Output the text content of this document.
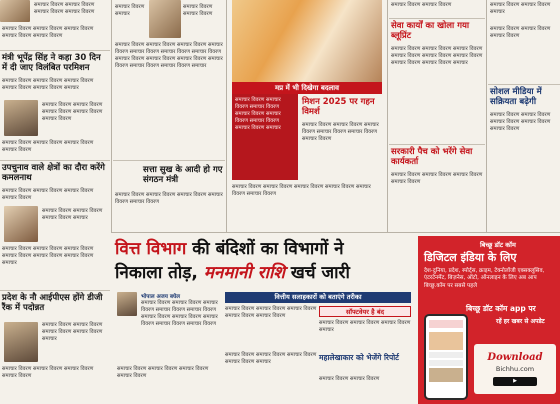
समाचार विवरण समाचार विवरण समाचार विवरण समाचार विवरण
समाचार विवरण समाचार विवरण समाचार विवरण समाचार विवरण समाचार विवरण
मंत्री भूपेंद्र सिंह ने कहा 30 दिन में दी जाए विलंबित परमिशन
समाचार विवरण समाचार विवरण समाचार विवरण समाचार विवरण समाचार विवरण समाचार
समाचार विवरण समाचार विवरण समाचार विवरण समाचार विवरण समाचार विवरण
समाचार विवरण समाचार विवरण समाचार विवरण समाचार विवरण
उपचुनाव वाले क्षेत्रों का दौरा करेंगे कमलनाथ
समाचार विवरण समाचार विवरण समाचार विवरण समाचार विवरण
समाचार विवरण समाचार विवरण समाचार विवरण समाचार
समाचार विवरण समाचार विवरण समाचार विवरण समाचार विवरण समाचार विवरण समाचार विवरण समाचार
प्रदेश के नौ आईपीएस होंगे डीजी रैंक में पदोन्नत
समाचार विवरण समाचार विवरण समाचार विवरण समाचार विवरण समाचार
समाचार विवरण समाचार विवरण समाचार विवरण समाचार विवरण
समाचार विवरण समाचार
समाचार विवरण समाचार विवरण
समाचार विवरण समाचार विवरण समाचार विवरण समाचार विवरण समाचार विवरण समाचार विवरण समाचार विवरण समाचार विवरण समाचार विवरण समाचार विवरण समाचार विवरण समाचार विवरण समाचार विवरण समाचार
सत्ता सुख के आदी हो गए संगठन मंत्री
समाचार विवरण समाचार विवरण समाचार विवरण समाचार विवरण समाचार विवरण
मप्र में भी दिखेगा बदलाव
समाचार विवरण समाचार विवरण समाचार विवरण समाचार विवरण समाचार विवरण समाचार विवरण समाचार विवरण समाचार
मिशन 2025 पर गहन विमर्श
समाचार विवरण समाचार विवरण समाचार विवरण समाचार विवरण समाचार विवरण समाचार विवरण
समाचार विवरण समाचार विवरण समाचार विवरण समाचार विवरण समाचार विवरण समाचार विवरण
समाचार विवरण समाचार विवरण
सेवा कार्यों का खोला गया ब्लूप्रिंट
समाचार विवरण समाचार विवरण समाचार विवरण समाचार विवरण समाचार विवरण समाचार विवरण समाचार विवरण समाचार विवरण समाचार
सरकारी पैच को भरेंगे सेवा कार्यकर्ता
समाचार विवरण समाचार विवरण समाचार विवरण समाचार विवरण
समाचार विवरण समाचार विवरण समाचार
समाचार विवरण समाचार विवरण समाचार विवरण
सोशल मीडिया में सक्रियता बढ़ेगी
समाचार विवरण समाचार विवरण समाचार विवरण समाचार विवरण समाचार विवरण
वित्त विभाग की बंदिशों का विभागों ने
निकाला तोड़, मनमानी राशि खर्च जारी
भोपाल अजय बघेल
समाचार विवरण समाचार विवरण समाचार विवरण समाचार विवरण समाचार विवरण समाचार विवरण समाचार विवरण समाचार विवरण समाचार विवरण समाचार विवरण
समाचार विवरण समाचार विवरण समाचार विवरण समाचार विवरण
वित्तीय सलाहकारों को बताएंगे तरीका
समाचार विवरण समाचार विवरण समाचार विवरण समाचार विवरण समाचार विवरण	सॉफ्टवेयर है बंद
समाचार विवरण समाचार विवरण समाचार विवरण समाचार
समाचार विवरण समाचार विवरण समाचार विवरण समाचार विवरण समाचार	महालेखाकार को भेजेंगे रिपोर्ट
समाचार विवरण समाचार विवरण
बिच्छू डॉट कॉम
डिजिटल इंडिया के लिए
देश-दुनिया, प्रदेश, स्पोर्ट्स, क्राइम, टेक्नोलॉजी एक्सक्लूसिव, एंटरटेनमेंट, बिज़नेस, ऑटो, ऑनलाइन के लिए अब आप बिच्छू.कॉम पर सबसे पहले
बिच्छू डॉट कॉम app पर
रहें हर खबर से अपडेट
Download
Bichhu.com
▶
